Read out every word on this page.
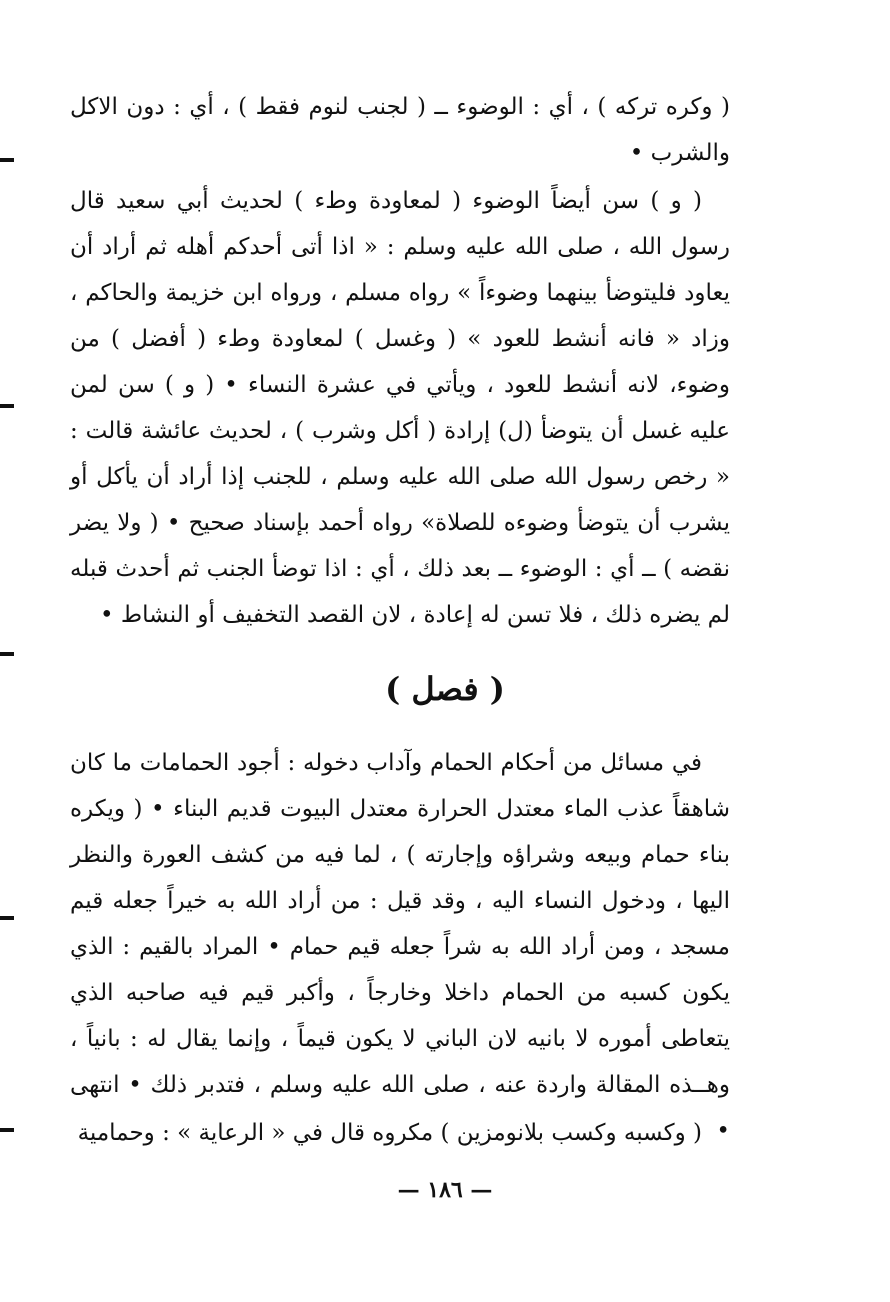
( وكره تركه ) ، أي : الوضوء ــ ( لجنب لنوم فقط ) ، أي : دون الاكل والشرب •

( و ) سن أيضاً الوضوء ( لمعاودة وطء ) لحديث أبي سعيد قال رسول الله ، صلى الله عليه وسلم : « اذا أتى أحدكم أهله ثم أراد أن يعاود فليتوضأ بينهما وضوءاً » رواه مسلم ، ورواه ابن خزيمة والحاكم ، وزاد « فانه أنشط للعود » ( وغسل ) لمعاودة وطء ( أفضل ) من وضوء، لانه أنشط للعود ، ويأتي في عشرة النساء • ( و ) سن لمن عليه غسل أن يتوضأ (ل) إرادة ( أكل وشرب ) ، لحديث عائشة قالت : « رخص رسول الله صلى الله عليه وسلم ، للجنب إذا أراد أن يأكل أو يشرب أن يتوضأ وضوءه للصلاة» رواه أحمد بإسناد صحيح • ( ولا يضر نقضه ) ــ أي : الوضوء ــ بعد ذلك ، أي : اذا توضأ الجنب ثم أحدث قبله لم يضره ذلك ، فلا تسن له إعادة ، لان القصد التخفيف أو النشاط •

( فصل )

في مسائل من أحكام الحمام وآداب دخوله : أجود الحمامات ما كان شاهقاً عذب الماء معتدل الحرارة معتدل البيوت قديم البناء • ( ويكره بناء حمام وبيعه وشراؤه وإجارته ) ، لما فيه من كشف العورة والنظر اليها ، ودخول النساء اليه ، وقد قيل : من أراد الله به خيراً جعله قيم مسجد ، ومن أراد الله به شراً جعله قيم حمام • المراد بالقيم : الذي يكون كسبه من الحمام داخلا وخارجاً ، وأكبر قيم فيه صاحبه الذي يتعاطى أموره لا بانيه لان الباني لا يكون قيماً ، وإنما يقال له : بانياً ، وهــذه المقالة واردة عنه ، صلى الله عليه وسلم ، فتدبر ذلك • انتهى •

( وكسبه وكسب بلانومزين ) مكروه قال في « الرعاية » : وحمامية

— ١٨٦ —
